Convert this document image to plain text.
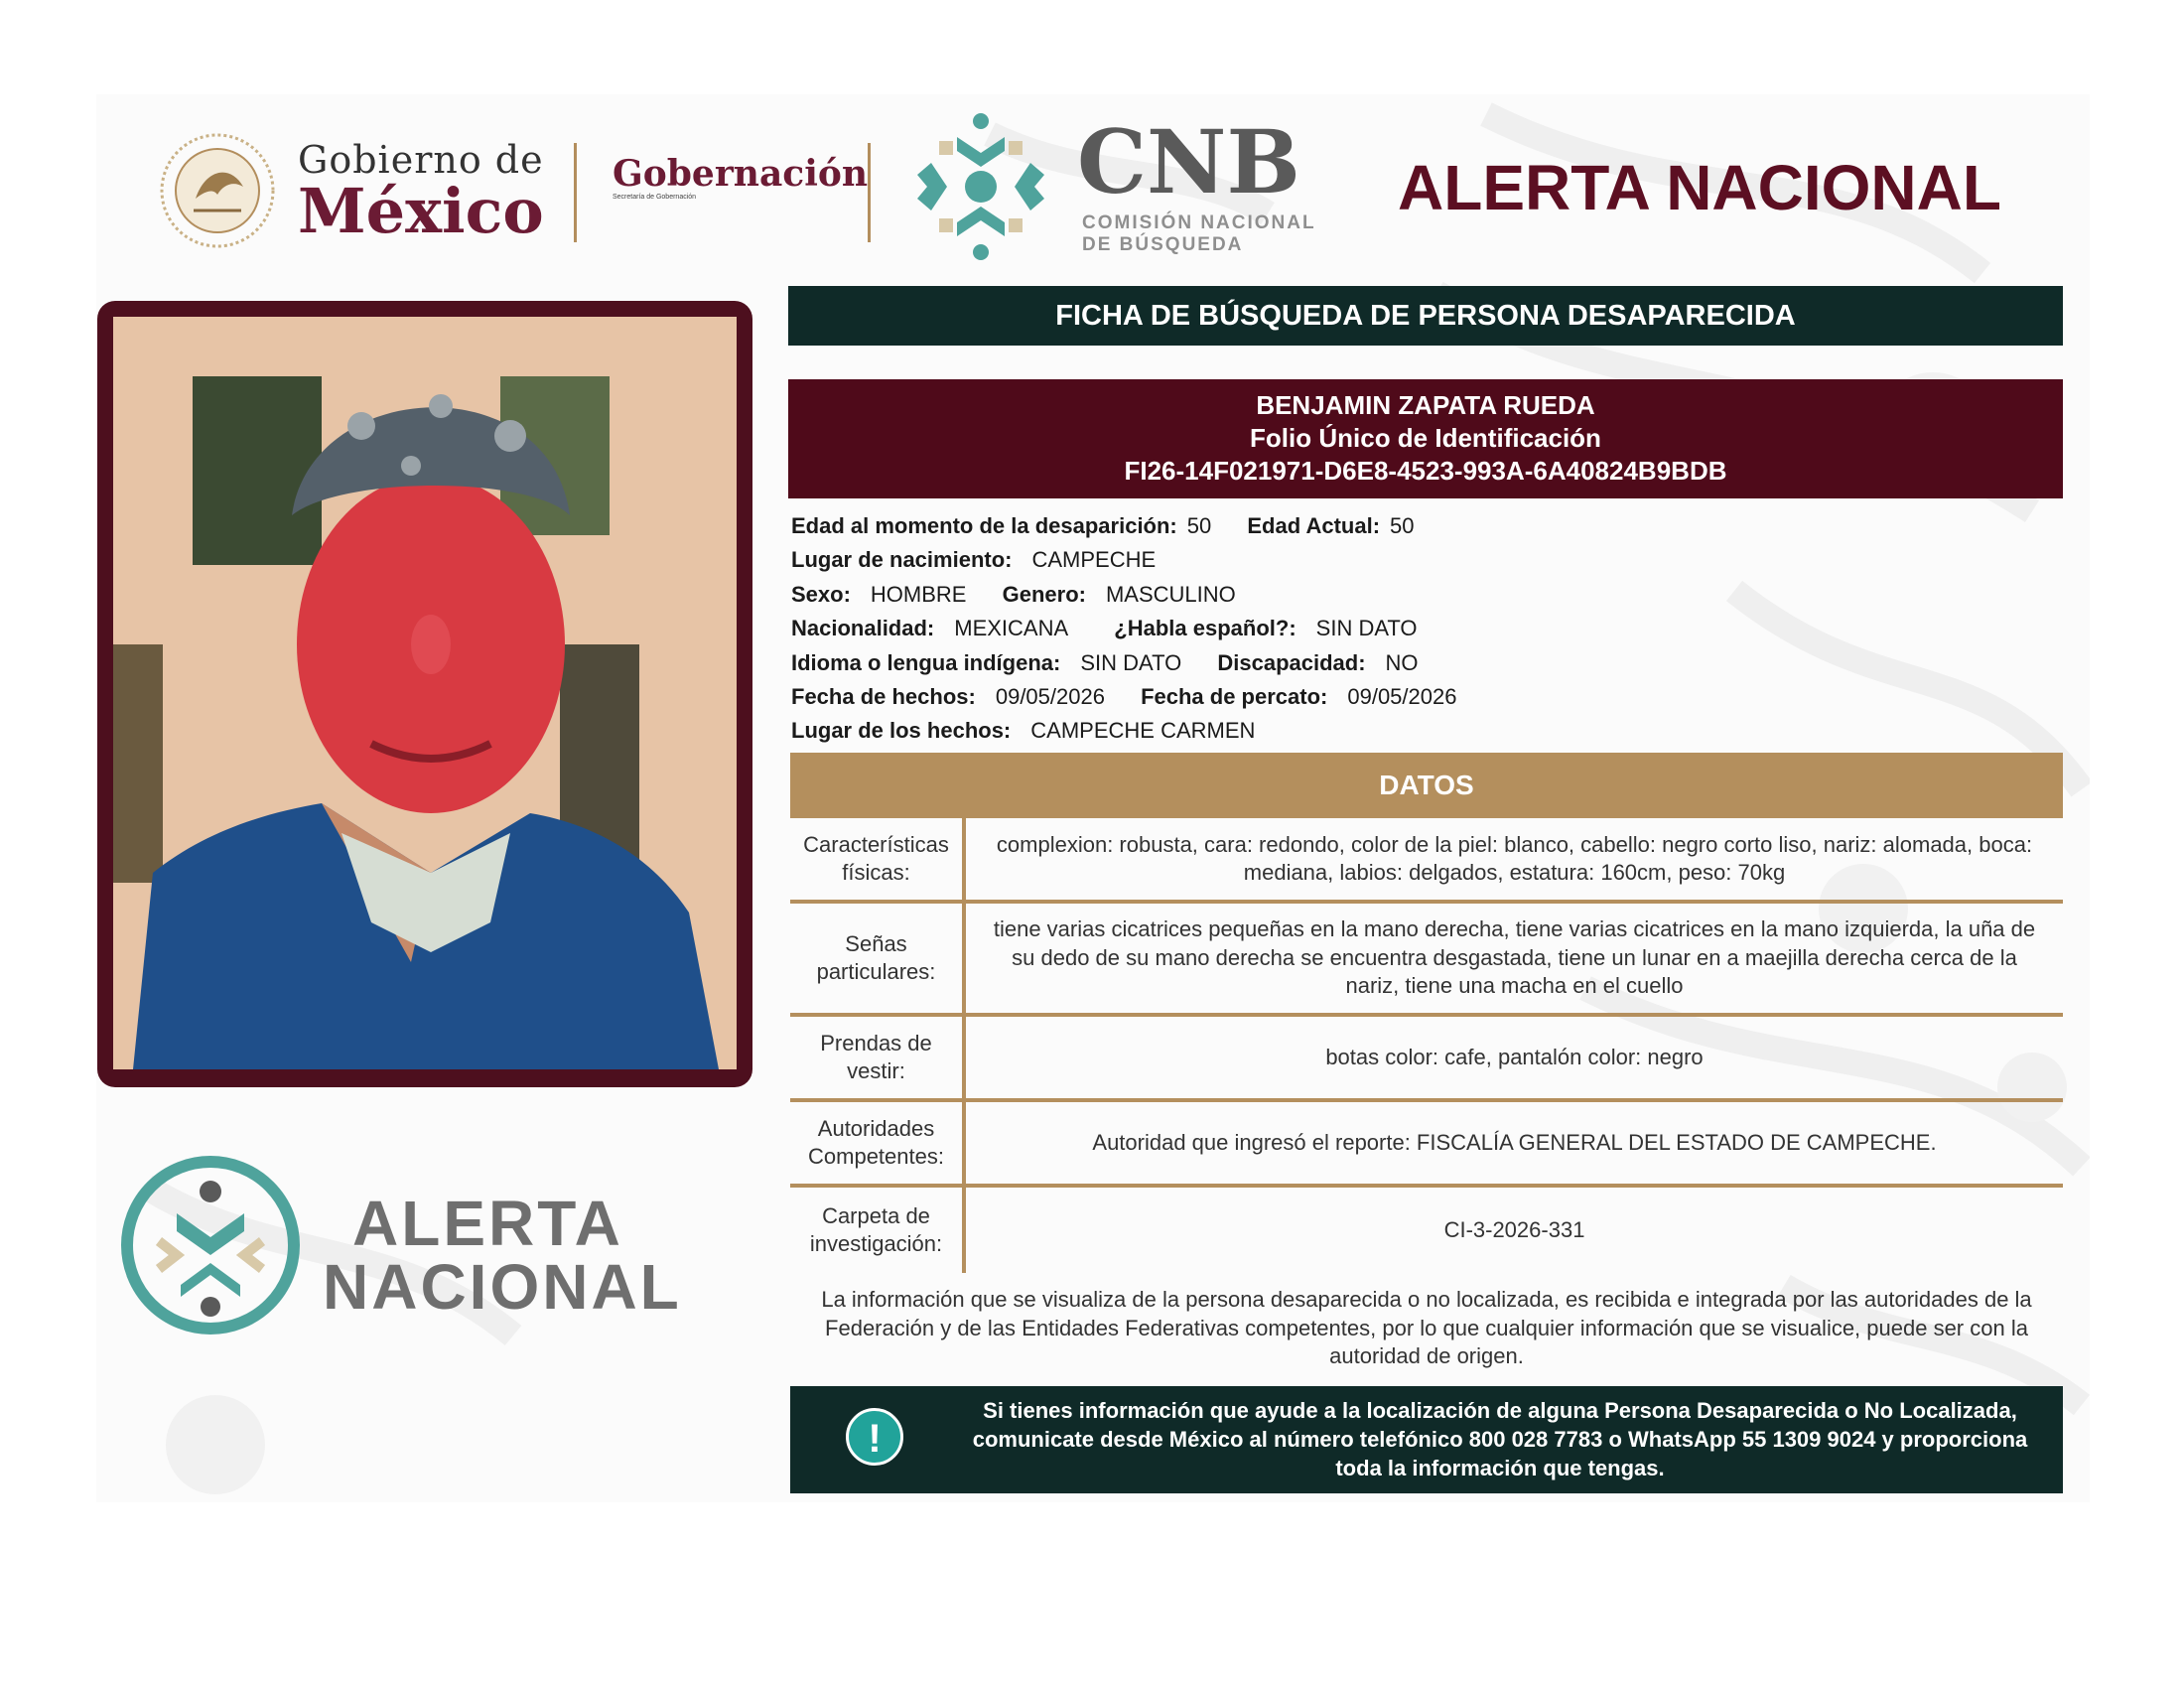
Gobierno de
México
Gobernación
Secretaría de Gobernación	CNB
COMISIÓN NACIONAL
DE BÚSQUEDA
ALERTA NACIONAL
ALERTA
NACIONAL
FICHA DE BÚSQUEDA DE PERSONA DESAPARECIDA
BENJAMIN ZAPATA RUEDA
Folio Único de Identificación
FI26-14F021971-D6E8-4523-993A-6A40824B9BDB
Edad al momento de la desaparición: 50 Edad Actual: 50
Lugar de nacimiento: CAMPECHE
Sexo: HOMBRE Genero: MASCULINO
Nacionalidad: MEXICANA ¿Habla español?: SIN DATO
Idioma o lengua indígena: SIN DATO Discapacidad: NO
Fecha de hechos: 09/05/2026 Fecha de percato: 09/05/2026
Lugar de los hechos: CAMPECHE CARMEN
DATOS
Características
físicas:
complexion: robusta, cara: redondo, color de la piel: blanco, cabello: negro corto liso, nariz: alomada, boca: mediana, labios: delgados, estatura: 160cm, peso: 70kg
Señas
particulares:
tiene varias cicatrices pequeñas en la mano derecha, tiene varias cicatrices en la mano izquierda, la uña de su dedo de su mano derecha se encuentra desgastada, tiene un lunar en a maejilla derecha cerca de la nariz, tiene una macha en el cuello
Prendas de
vestir:
botas color: cafe, pantalón color: negro
Autoridades
Competentes:
Autoridad que ingresó el reporte: FISCALÍA GENERAL DEL ESTADO DE CAMPECHE.
Carpeta de
investigación:
CI-3-2026-331
La información que se visualiza de la persona desaparecida o no localizada, es recibida e integrada por las autoridades de la Federación y de las Entidades Federativas competentes, por lo que cualquier información que se visualice, puede ser con la autoridad de origen.
!
Si tienes información que ayude a la localización de alguna Persona Desaparecida o No Localizada, comunicate desde México al número telefónico 800 028 7783 o WhatsApp 55 1309 9024 y proporciona toda la información que tengas.
